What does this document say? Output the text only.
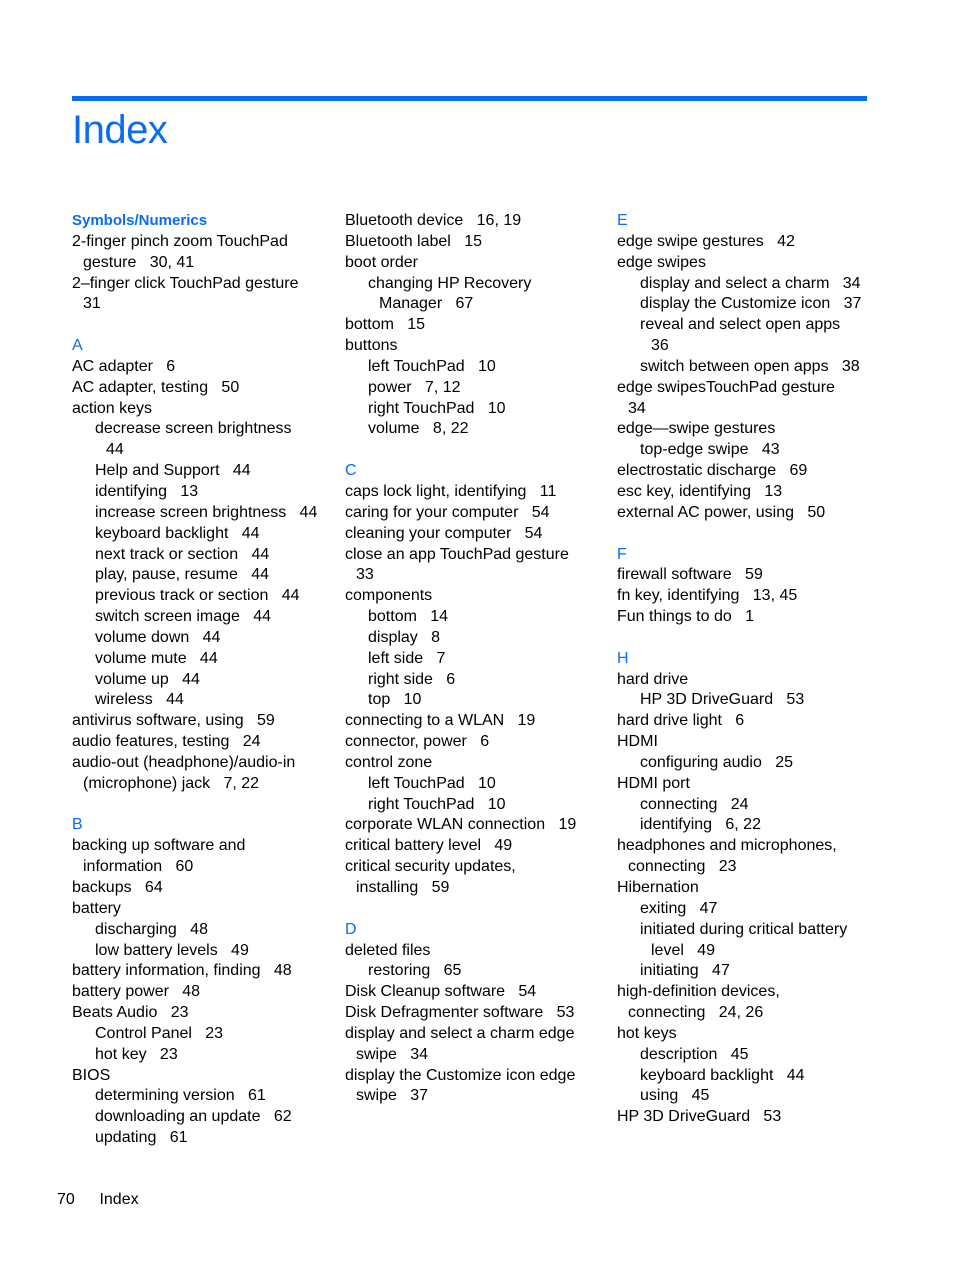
Index
Symbols/Numerics
2-finger pinch zoom TouchPad
gesture   30, 41
2–finger click TouchPad gesture
31
A
AC adapter   6
AC adapter, testing   50
action keys
decrease screen brightness
44
Help and Support   44
identifying   13
increase screen brightness   44
keyboard backlight   44
next track or section   44
play, pause, resume   44
previous track or section   44
switch screen image   44
volume down   44
volume mute   44
volume up   44
wireless   44
antivirus software, using   59
audio features, testing   24
audio-out (headphone)/audio-in
(microphone) jack   7, 22
B
backing up software and
information   60
backups   64
battery
discharging   48
low battery levels   49
battery information, finding   48
battery power   48
Beats Audio   23
Control Panel   23
hot key   23
BIOS
determining version   61
downloading an update   62
updating   61
Bluetooth device   16, 19
Bluetooth label   15
boot order
changing HP Recovery
Manager   67
bottom   15
buttons
left TouchPad   10
power   7, 12
right TouchPad   10
volume   8, 22
C
caps lock light, identifying   11
caring for your computer   54
cleaning your computer   54
close an app TouchPad gesture
33
components
bottom   14
display   8
left side   7
right side   6
top   10
connecting to a WLAN   19
connector, power   6
control zone
left TouchPad   10
right TouchPad   10
corporate WLAN connection   19
critical battery level   49
critical security updates,
installing   59
D
deleted files
restoring   65
Disk Cleanup software   54
Disk Defragmenter software   53
display and select a charm edge
swipe   34
display the Customize icon edge
swipe   37
E
edge swipe gestures   42
edge swipes
display and select a charm   34
display the Customize icon   37
reveal and select open apps
36
switch between open apps   38
edge swipesTouchPad gesture
34
edge—swipe gestures
top-edge swipe   43
electrostatic discharge   69
esc key, identifying   13
external AC power, using   50
F
firewall software   59
fn key, identifying   13, 45
Fun things to do   1
H
hard drive
HP 3D DriveGuard   53
hard drive light   6
HDMI
configuring audio   25
HDMI port
connecting   24
identifying   6, 22
headphones and microphones,
connecting   23
Hibernation
exiting   47
initiated during critical battery
level   49
initiating   47
high-definition devices,
connecting   24, 26
hot keys
description   45
keyboard backlight   44
using   45
HP 3D DriveGuard   53
70 Index
